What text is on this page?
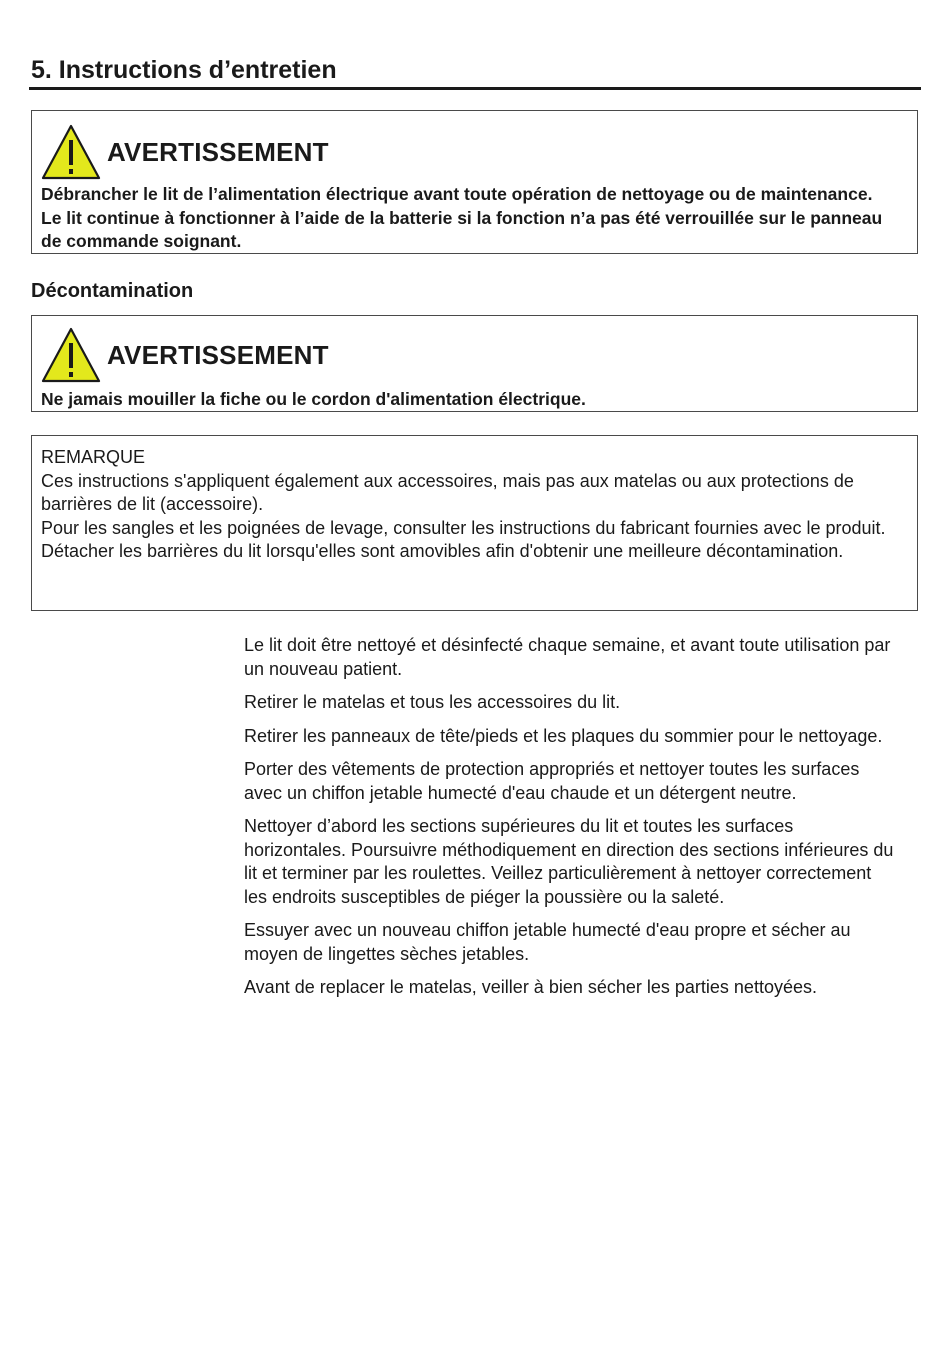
5. Instructions d’entretien
AVERTISSEMENT
Débrancher le lit de l’alimentation électrique avant toute opération de nettoyage ou de maintenance. Le lit continue à fonctionner à l’aide de la batterie si la fonction n’a pas été verrouillée sur le panneau de commande soignant.
Décontamination
AVERTISSEMENT
Ne jamais mouiller la fiche ou le cordon d'alimentation électrique.
REMARQUE
Ces instructions s'appliquent également aux accessoires, mais pas aux matelas ou aux protections de barrières de lit (accessoire).
Pour les sangles et les poignées de levage, consulter les instructions du fabricant fournies avec le produit.
Détacher les barrières du lit lorsqu'elles sont amovibles afin d'obtenir une meilleure décontamination.

Le lit doit être nettoyé et désinfecté chaque semaine, et avant toute utilisation par un nouveau patient.

Retirer le matelas et tous les accessoires du lit.

Retirer les panneaux de tête/pieds et les plaques du sommier pour le nettoyage.

Porter des vêtements de protection appropriés et nettoyer toutes les surfaces avec un chiffon jetable humecté d'eau chaude et un détergent neutre.

Nettoyer d’abord les sections supérieures du lit et toutes les surfaces horizontales. Poursuivre méthodiquement en direction des sections inférieures du lit et terminer par les roulettes. Veillez particulièrement à nettoyer correctement les endroits susceptibles de piéger la poussière ou la saleté.

Essuyer avec un nouveau chiffon jetable humecté d'eau propre et sécher au moyen de lingettes sèches jetables.

Avant de replacer le matelas, veiller à bien sécher les parties nettoyées.
